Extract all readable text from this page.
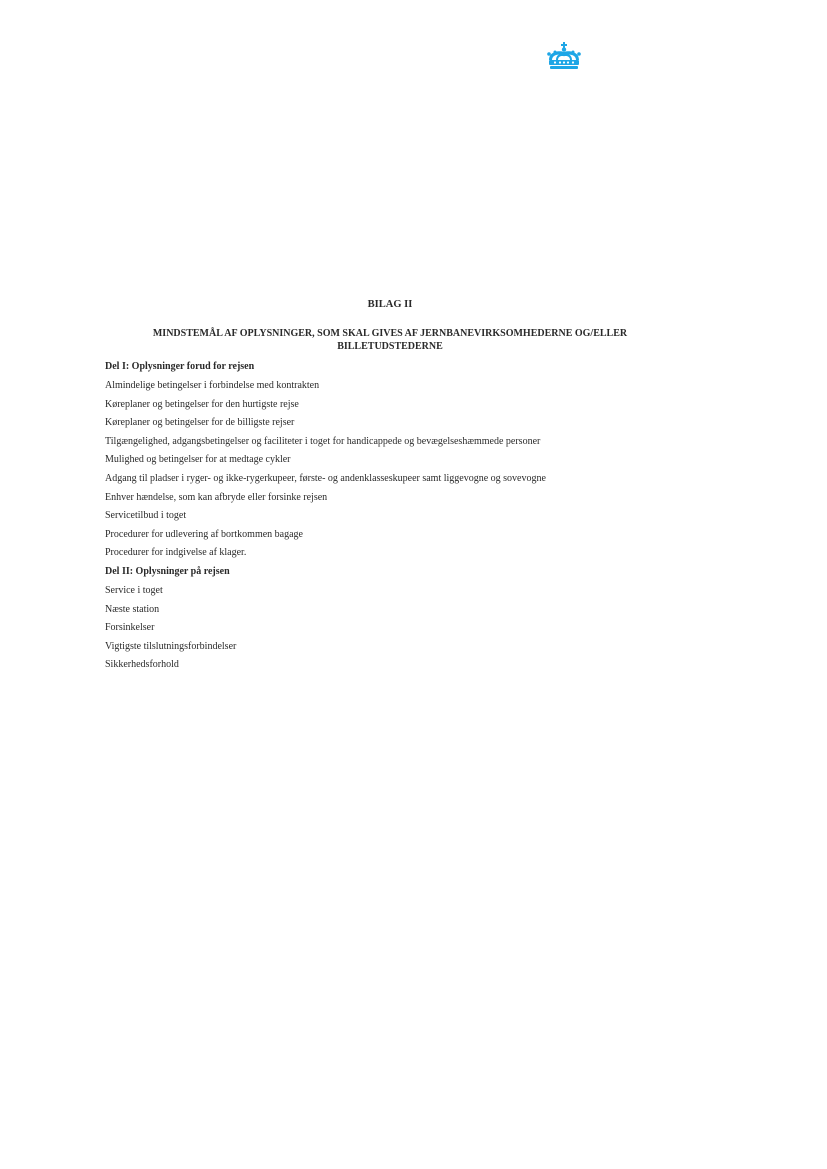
BILAG II
MINDSTEMÅL AF OPLYSNINGER, SOM SKAL GIVES AF JERNBANEVIRKSOMHEDERNE OG/ELLER
BILLETUDSTEDERNE
Del I: Oplysninger forud for rejsen
Almindelige betingelser i forbindelse med kontrakten
Køreplaner og betingelser for den hurtigste rejse
Køreplaner og betingelser for de billigste rejser
Tilgængelighed, adgangsbetingelser og faciliteter i toget for handicappede og bevægelseshæmmede personer
Mulighed og betingelser for at medtage cykler
Adgang til pladser i ryger- og ikke-rygerkupeer, første- og andenklasseskupeer samt liggevogne og sovevogne
Enhver hændelse, som kan afbryde eller forsinke rejsen
Servicetilbud i toget
Procedurer for udlevering af bortkommen bagage
Procedurer for indgivelse af klager.
Del II: Oplysninger på rejsen
Service i toget
Næste station
Forsinkelser
Vigtigste tilslutningsforbindelser
Sikkerhedsforhold
